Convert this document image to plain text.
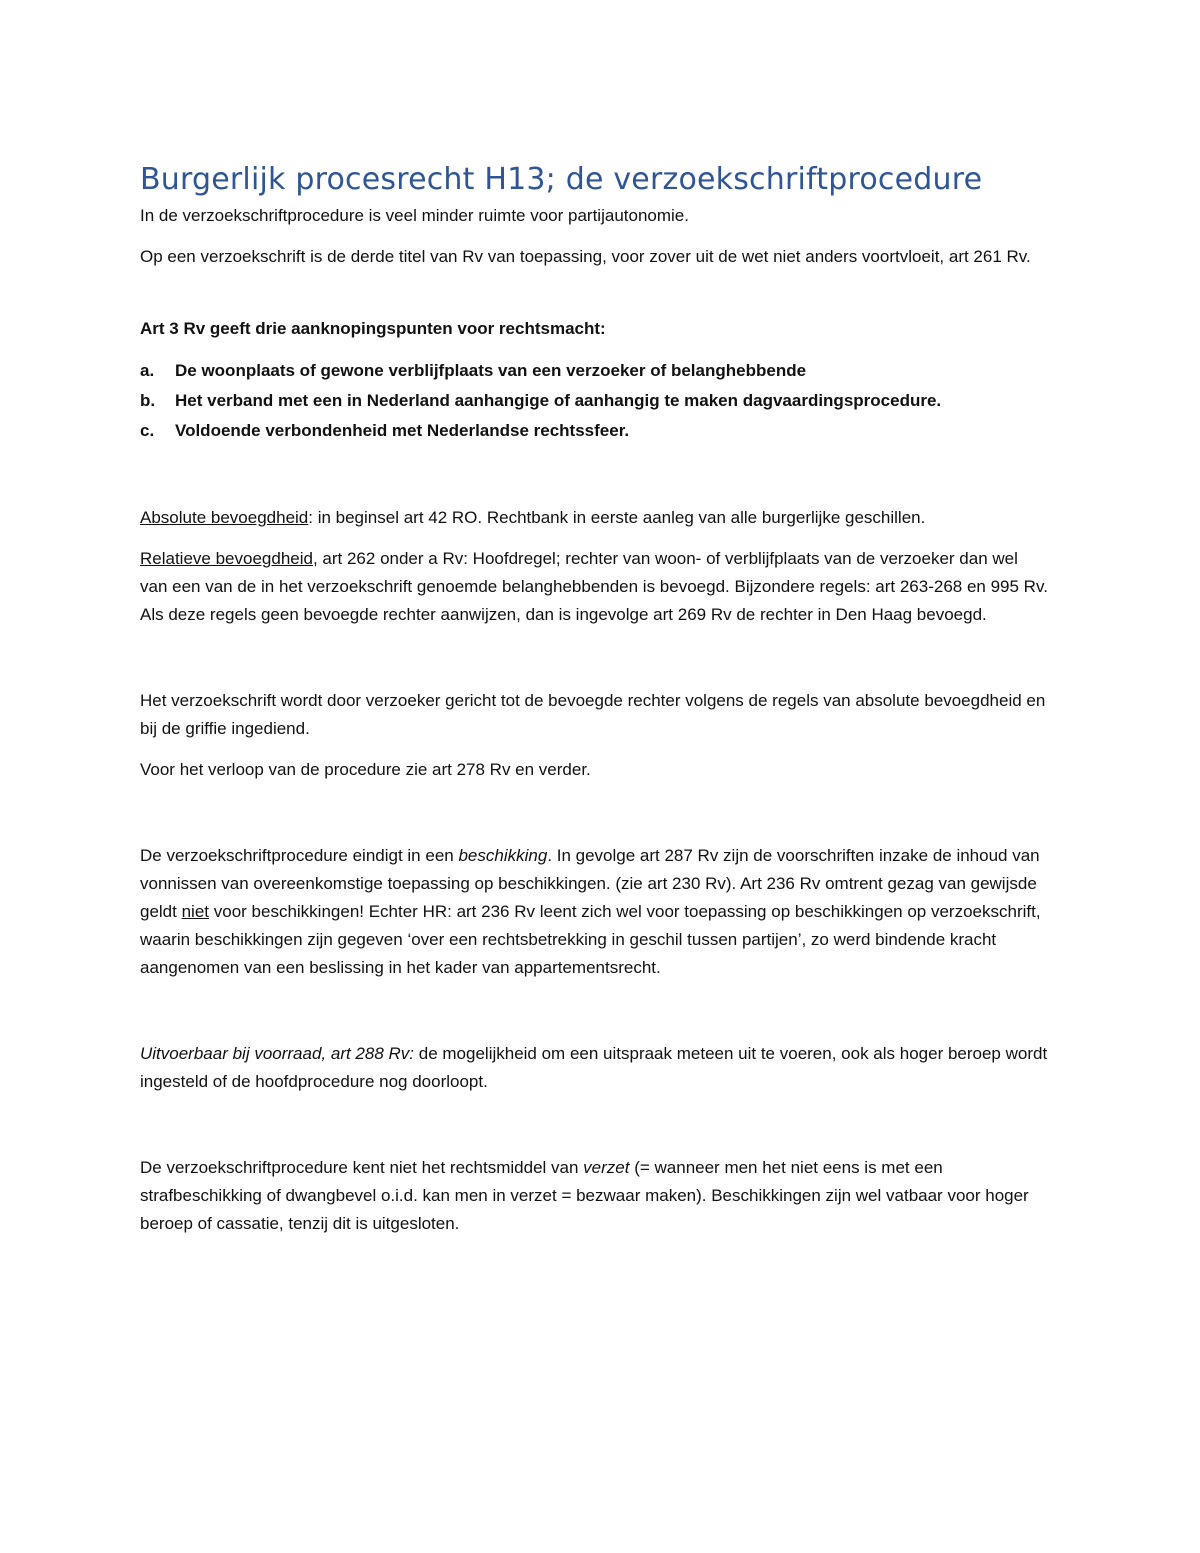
Burgerlijk procesrecht H13; de verzoekschriftprocedure

In de verzoekschriftprocedure is veel minder ruimte voor partijautonomie.

Op een verzoekschrift is de derde titel van Rv van toepassing, voor zover uit de wet niet anders voortvloeit, art 261 Rv.

Art 3 Rv geeft drie aanknopingspunten voor rechtsmacht:

a.	De woonplaats of gewone verblijfplaats van een verzoeker of belanghebbende
b.	Het verband met een in Nederland aanhangige of aanhangig te maken dagvaardingsprocedure.
c.	Voldoende verbondenheid met Nederlandse rechtssfeer.

Absolute bevoegdheid: in beginsel art 42 RO. Rechtbank in eerste aanleg van alle burgerlijke geschillen.

Relatieve bevoegdheid, art 262 onder a Rv: Hoofdregel; rechter van woon- of verblijfplaats van de verzoeker dan wel van een van de in het verzoekschrift genoemde belanghebbenden is bevoegd. Bijzondere regels: art 263-268 en 995 Rv. Als deze regels geen bevoegde rechter aanwijzen, dan is ingevolge art 269 Rv de rechter in Den Haag bevoegd.

Het verzoekschrift wordt door verzoeker gericht tot de bevoegde rechter volgens de regels van absolute bevoegdheid en bij de griffie ingediend.

Voor het verloop van de procedure zie art 278 Rv en verder.

De verzoekschriftprocedure eindigt in een beschikking. In gevolge art 287 Rv zijn de voorschriften inzake de inhoud van vonnissen van overeenkomstige toepassing op beschikkingen. (zie art 230 Rv). Art 236 Rv omtrent gezag van gewijsde geldt niet voor beschikkingen! Echter HR: art 236 Rv leent zich wel voor toepassing op beschikkingen op verzoekschrift, waarin beschikkingen zijn gegeven ‘over een rechtsbetrekking in geschil tussen partijen’, zo werd bindende kracht aangenomen van een beslissing in het kader van appartementsrecht.

Uitvoerbaar bij voorraad, art 288 Rv: de mogelijkheid om een uitspraak meteen uit te voeren, ook als hoger beroep wordt ingesteld of de hoofdprocedure nog doorloopt.

De verzoekschriftprocedure kent niet het rechtsmiddel van verzet (= wanneer men het niet eens is met een strafbeschikking of dwangbevel o.i.d. kan men in verzet = bezwaar maken). Beschikkingen zijn wel vatbaar voor hoger beroep of cassatie, tenzij dit is uitgesloten.
